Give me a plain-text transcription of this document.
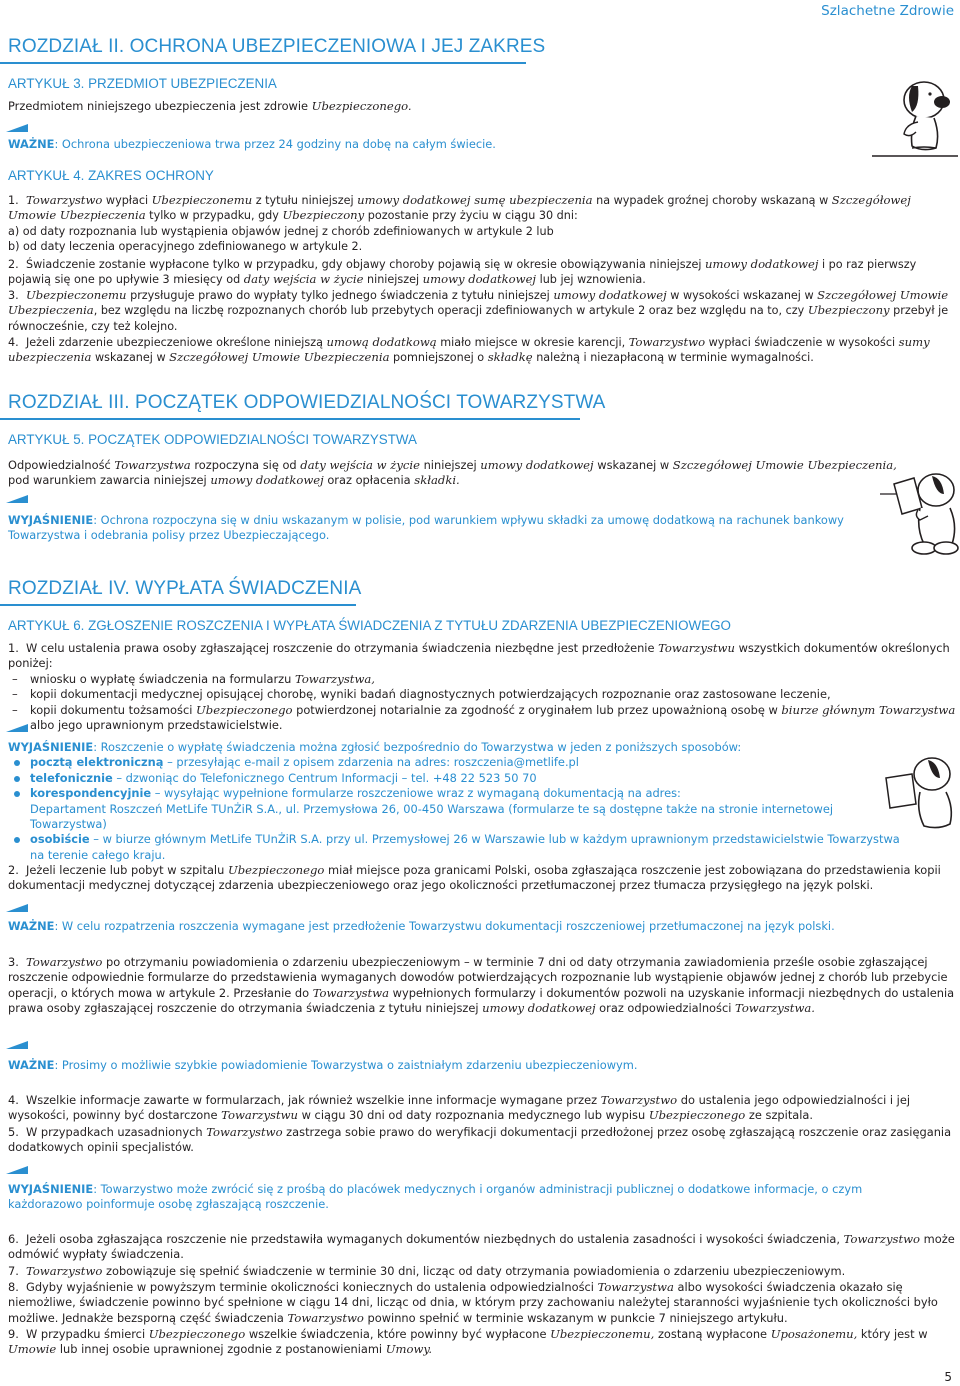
Szlachetne Zdrowie
ROZDZIAŁ II. OCHRONA UBEZPIECZENIOWA I JEJ ZAKRES
ARTYKUŁ 3. PRZEDMIOT UBEZPIECZENIA
Przedmiotem niniejszego ubezpieczenia jest zdrowie Ubezpieczonego.
WAŻNE: Ochrona ubezpieczeniowa trwa przez 24 godziny na dobę na całym świecie.
ARTYKUŁ 4. ZAKRES OCHRONY
1. Towarzystwo wypłaci Ubezpieczonemu z tytułu niniejszej umowy dodatkowej sumę ubezpieczenia na wypadek groźnej choroby wskazaną w Szczegółowej Umowie Ubezpieczenia tylko w przypadku, gdy Ubezpieczony pozostanie przy życiu w ciągu 30 dni:
a) od daty rozpoznania lub wystąpienia objawów jednej z chorób zdefiniowanych w artykule 2 lub
b) od daty leczenia operacyjnego zdefiniowanego w artykule 2.
2. Świadczenie zostanie wypłacone tylko w przypadku, gdy objawy choroby pojawią się w okresie obowiązywania niniejszej umowy dodatkowej i po raz pierwszy pojawią się one po upływie 3 miesięcy od daty wejścia w życie niniejszej umowy dodatkowej lub jej wznowienia.
3. Ubezpieczonemu przysługuje prawo do wypłaty tylko jednego świadczenia z tytułu niniejszej umowy dodatkowej w wysokości wskazanej w Szczegółowej Umowie Ubezpieczenia, bez względu na liczbę rozpoznanych chorób lub przebytych operacji zdefiniowanych w artykule 2 oraz bez względu na to, czy Ubezpieczony przebył je równocześnie, czy też kolejno.
4. Jeżeli zdarzenie ubezpieczeniowe określone niniejszą umową dodatkową miało miejsce w okresie karencji, Towarzystwo wypłaci świadczenie w wysokości sumy ubezpieczenia wskazanej w Szczegółowej Umowie Ubezpieczenia pomniejszonej o składkę należną i niezapłaconą w terminie wymagalności.
ROZDZIAŁ III. POCZĄTEK ODPOWIEDZIALNOŚCI TOWARZYSTWA
ARTYKUŁ 5. POCZĄTEK ODPOWIEDZIALNOŚCI TOWARZYSTWA
Odpowiedzialność Towarzystwa rozpoczyna się od daty wejścia w życie niniejszej umowy dodatkowej wskazanej w Szczegółowej Umowie Ubezpieczenia,
pod warunkiem zawarcia niniejszej umowy dodatkowej oraz opłacenia składki.
WYJAŚNIENIE: Ochrona rozpoczyna się w dniu wskazanym w polisie, pod warunkiem wpływu składki za umowę dodatkową na rachunek bankowy Towarzystwa i odebrania polisy przez Ubezpieczającego.
ROZDZIAŁ IV. WYPŁATA ŚWIADCZENIA
ARTYKUŁ 6. ZGŁOSZENIE ROSZCZENIA I WYPŁATA ŚWIADCZENIA Z TYTUŁU ZDARZENIA UBEZPIECZENIOWEGO
1. W celu ustalenia prawa osoby zgłaszającej roszczenie do otrzymania świadczenia niezbędne jest przedłożenie Towarzystwu wszystkich dokumentów określonych poniżej:
– wniosku o wypłatę świadczenia na formularzu Towarzystwa,
– kopii dokumentacji medycznej opisującej chorobę, wyniki badań diagnostycznych potwierdzających rozpoznanie oraz zastosowane leczenie,
– kopii dokumentu tożsamości Ubezpieczonego potwierdzonej notarialnie za zgodność z oryginałem lub przez upoważnioną osobę w biurze głównym Towarzystwa albo jego uprawnionym przedstawicielstwie.
WYJAŚNIENIE: Roszczenie o wypłatę świadczenia można zgłosić bezpośrednio do Towarzystwa w jeden z poniższych sposobów:
pocztą elektroniczną – przesyłając e-mail z opisem zdarzenia na adres: roszczenia@metlife.pl
telefonicznie – dzwoniąc do Telefonicznego Centrum Informacji – tel. +48 22 523 50 70
korespondencyjnie – wysyłając wypełnione formularze roszczeniowe wraz z wymaganą dokumentacją na adres:
Departament Roszczeń MetLife TUnŻiR S.A., ul. Przemysłowa 26, 00-450 Warszawa (formularze te są dostępne także na stronie internetowej Towarzystwa)
osobiście – w biurze głównym MetLife TUnŻiR S.A. przy ul. Przemysłowej 26 w Warszawie lub w każdym uprawnionym przedstawicielstwie Towarzystwa na terenie całego kraju.
2. Jeżeli leczenie lub pobyt w szpitalu Ubezpieczonego miał miejsce poza granicami Polski, osoba zgłaszająca roszczenie jest zobowiązana do przedstawienia kopii dokumentacji medycznej dotyczącej zdarzenia ubezpieczeniowego oraz jego okoliczności przetłumaczonej przez tłumacza przysięgłego na język polski.
WAŻNE: W celu rozpatrzenia roszczenia wymagane jest przedłożenie Towarzystwu dokumentacji roszczeniowej przetłumaczonej na język polski.
3. Towarzystwo po otrzymaniu powiadomienia o zdarzeniu ubezpieczeniowym – w terminie 7 dni od daty otrzymania zawiadomienia prześle osobie zgłaszającej roszczenie odpowiednie formularze do przedstawienia wymaganych dowodów potwierdzających rozpoznanie lub wystąpienie objawów jednej z chorób lub przebycie operacji, o których mowa w artykule 2. Przesłanie do Towarzystwa wypełnionych formularzy i dokumentów pozwoli na uzyskanie informacji niezbędnych do ustalenia prawa osoby zgłaszającej roszczenie do otrzymania świadczenia z tytułu niniejszej umowy dodatkowej oraz odpowiedzialności Towarzystwa.
WAŻNE: Prosimy o możliwie szybkie powiadomienie Towarzystwa o zaistniałym zdarzeniu ubezpieczeniowym.
4. Wszelkie informacje zawarte w formularzach, jak również wszelkie inne informacje wymagane przez Towarzystwo do ustalenia jego odpowiedzialności i jej wysokości, powinny być dostarczone Towarzystwu w ciągu 30 dni od daty rozpoznania medycznego lub wypisu Ubezpieczonego ze szpitala.
5. W przypadkach uzasadnionych Towarzystwo zastrzega sobie prawo do weryfikacji dokumentacji przedłożonej przez osobę zgłaszającą roszczenie oraz zasięgania dodatkowych opinii specjalistów.
WYJAŚNIENIE: Towarzystwo może zwrócić się z prośbą do placówek medycznych i organów administracji publicznej o dodatkowe informacje, o czym każdorazowo poinformuje osobę zgłaszającą roszczenie.
6. Jeżeli osoba zgłaszająca roszczenie nie przedstawiła wymaganych dokumentów niezbędnych do ustalenia zasadności i wysokości świadczenia, Towarzystwo może odmówić wypłaty świadczenia.
7. Towarzystwo zobowiązuje się spełnić świadczenie w terminie 30 dni, licząc od daty otrzymania powiadomienia o zdarzeniu ubezpieczeniowym.
8. Gdyby wyjaśnienie w powyższym terminie okoliczności koniecznych do ustalenia odpowiedzialności Towarzystwa albo wysokości świadczenia okazało się niemożliwe, świadczenie powinno być spełnione w ciągu 14 dni, licząc od dnia, w którym przy zachowaniu należytej staranności wyjaśnienie tych okoliczności było możliwe. Jednakże bezsporną część świadczenia Towarzystwo powinno spełnić w terminie wskazanym w punkcie 7 niniejszego artykułu.
9. W przypadku śmierci Ubezpieczonego wszelkie świadczenia, które powinny być wypłacone Ubezpieczonemu, zostaną wypłacone Uposażonemu, który jest w Umowie lub innej osobie uprawnionej zgodnie z postanowieniami Umowy.
5
